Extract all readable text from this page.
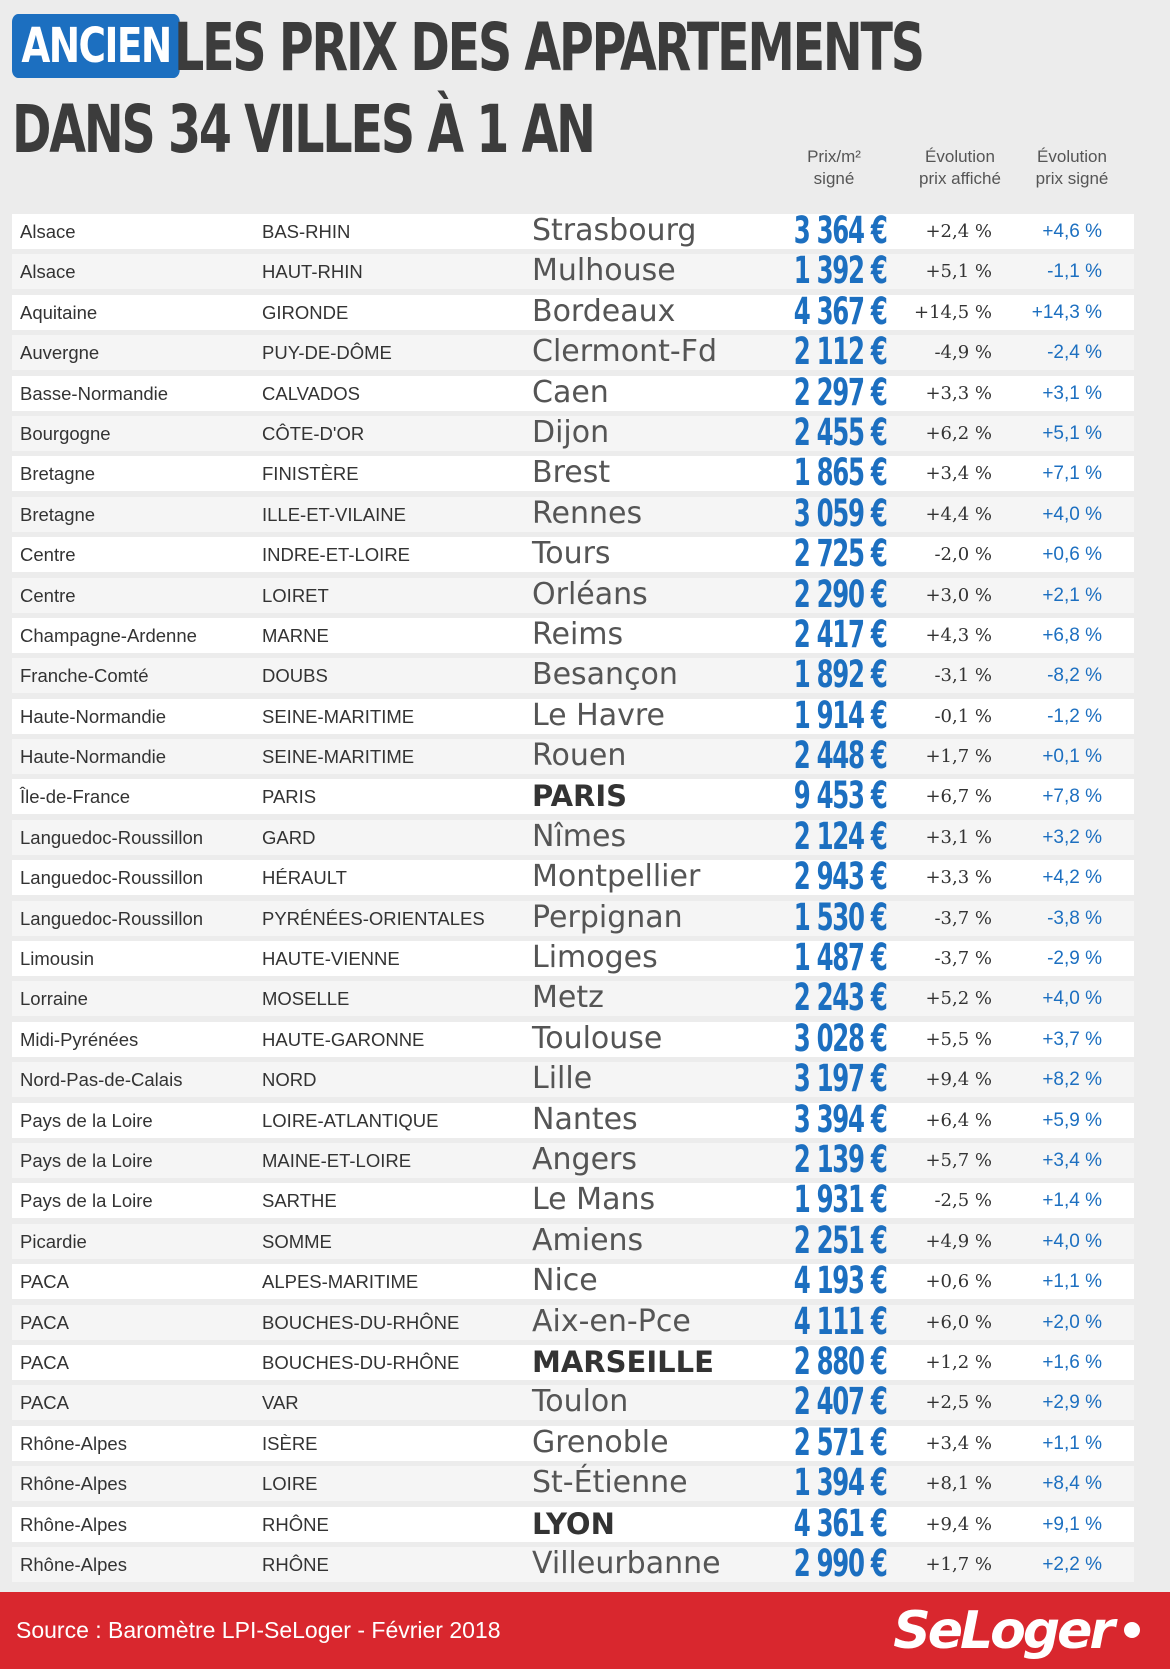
ANCIEN LES PRIX DES APPARTEMENTS
DANS 34 VILLES À 1 AN	Prix/m²
signé
Évolution
prix affiché
Évolution
prix signé
Alsace	BAS-RHIN	Strasbourg	3 364 €	+2,4 %	+4,6 %
Alsace	HAUT-RHIN	Mulhouse	1 392 €	+5,1 %	-1,1 %
Aquitaine	GIRONDE	Bordeaux	4 367 €	+14,5 %	+14,3 %
Auvergne	PUY-DE-DÔME	Clermont-Fd 2 112 €	-4,9 %	-2,4 %
Basse-Normandie	CALVADOS	Caen	2 297 €	+3,3 %	+3,1 %
Bourgogne	CÔTE-D'OR	Dijon	2 455 €	+6,2 %	+5,1 %
Bretagne	FINISTÈRE	Brest	1 865 €	+3,4 %	+7,1 %
Bretagne	ILLE-ET-VILAINE	Rennes	3 059 €	+4,4 %	+4,0 %
Centre	INDRE-ET-LOIRE	Tours	2 725 €	-2,0 %	+0,6 %
Centre	LOIRET	Orléans	2 290 €	+3,0 %	+2,1 %
Champagne-Ardenne	MARNE	Reims	2 417 €	+4,3 %	+6,8 %
Franche-Comté	DOUBS	Besançon	1 892 €	-3,1 %	-8,2 %
Haute-Normandie	SEINE-MARITIME	Le Havre	1 914 €	-0,1 %	-1,2 %
Haute-Normandie	SEINE-MARITIME	Rouen	2 448 €	+1,7 %	+0,1 %
Île-de-France	PARIS	PARIS	9 453 €	+6,7 %	+7,8 %
Languedoc-Roussillon	GARD	Nîmes	2 124 €	+3,1 %	+3,2 %
Languedoc-Roussillon	HÉRAULT	Montpellier	2 943 €	+3,3 %	+4,2 %
Languedoc-Roussillon	PYRÉNÉES-ORIENTALES Perpignan	1 530 €	-3,7 %	-3,8 %
Limousin	HAUTE-VIENNE	Limoges	1 487 €	-3,7 %	-2,9 %
Lorraine	MOSELLE	Metz	2 243 €	+5,2 %	+4,0 %
Midi-Pyrénées	HAUTE-GARONNE	Toulouse	3 028 €	+5,5 %	+3,7 %
Nord-Pas-de-Calais	NORD	Lille	3 197 €	+9,4 %	+8,2 %
Pays de la Loire	LOIRE-ATLANTIQUE	Nantes	3 394 €	+6,4 %	+5,9 %
Pays de la Loire	MAINE-ET-LOIRE	Angers	2 139 €	+5,7 %	+3,4 %
Pays de la Loire	SARTHE	Le Mans	1 931 €	-2,5 %	+1,4 %
Picardie	SOMME	Amiens	2 251 €	+4,9 %	+4,0 %
PACA	ALPES-MARITIME	Nice	4 193 €	+0,6 %	+1,1 %
PACA	BOUCHES-DU-RHÔNE Aix-en-Pce	4 111 €	+6,0 %	+2,0 %
PACA	BOUCHES-DU-RHÔNE	MARSEILLE 2 880 €	+1,2 %	+1,6 %
PACA	VAR	Toulon	2 407 €	+2,5 %	+2,9 %
Rhône-Alpes	ISÈRE	Grenoble	2 571 €	+3,4 %	+1,1 %
Rhône-Alpes	LOIRE	St-Étienne	1 394 €	+8,1 %	+8,4 %
Rhône-Alpes	RHÔNE	LYON	4 361 €	+9,4 %	+9,1 %
Rhône-Alpes	RHÔNE	Villeurbanne 2 990 €	+1,7 %	+2,2 %
Source : Baromètre LPI-SeLoger - Février 2018	SeLoger
